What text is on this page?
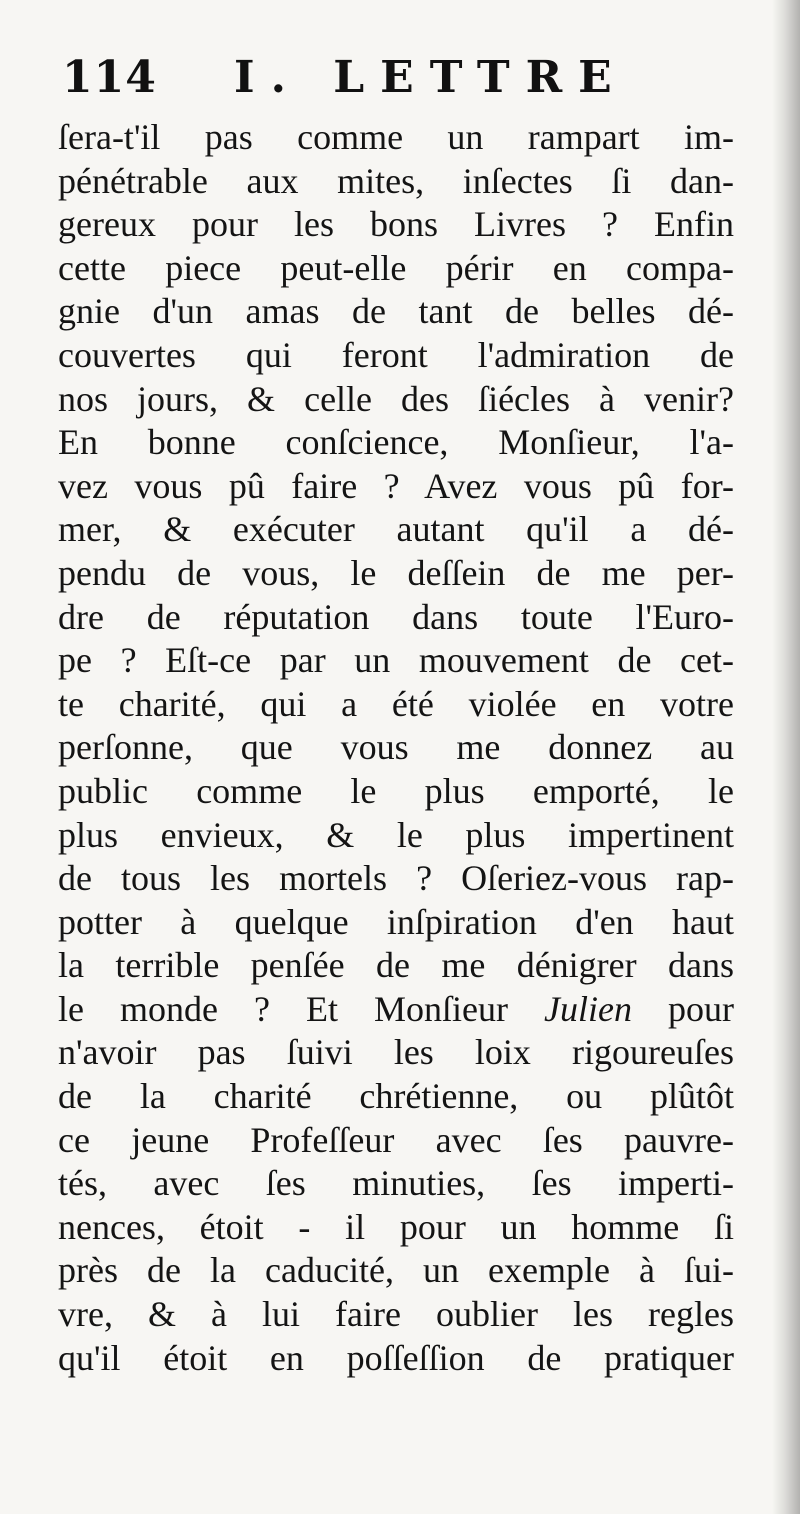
114 I. LETTRE
ſera-t'il pas comme un rampart im-
pénétrable aux mites, inſectes ſi dan-
gereux pour les bons Livres ? Enfin
cette piece peut-elle périr en compa-
gnie d'un amas de tant de belles dé-
couvertes qui feront l'admiration de
nos jours, & celle des ſiécles à venir?
En bonne conſcience, Monſieur, l'a-
vez vous pû faire ? Avez vous pû for-
mer, & exécuter autant qu'il a dé-
pendu de vous, le deſſein de me per-
dre de réputation dans toute l'Euro-
pe ? Eſt-ce par un mouvement de cet-
te charité, qui a été violée en votre
perſonne, que vous me donnez au
public comme le plus emporté, le
plus envieux, & le plus impertinent
de tous les mortels ? Oſeriez-vous rap-
potter à quelque inſpiration d'en haut
la terrible penſée de me dénigrer dans
le monde ? Et Monſieur Julien pour
n'avoir pas ſuivi les loix rigoureuſes
de la charité chrétienne, ou plûtôt
ce jeune Profeſſeur avec ſes pauvre-
tés, avec ſes minuties, ſes imperti-
nences, étoit - il pour un homme ſi
près de la caducité, un exemple à ſui-
vre, & à lui faire oublier les regles
qu'il étoit en poſſeſſion de pratiquer
